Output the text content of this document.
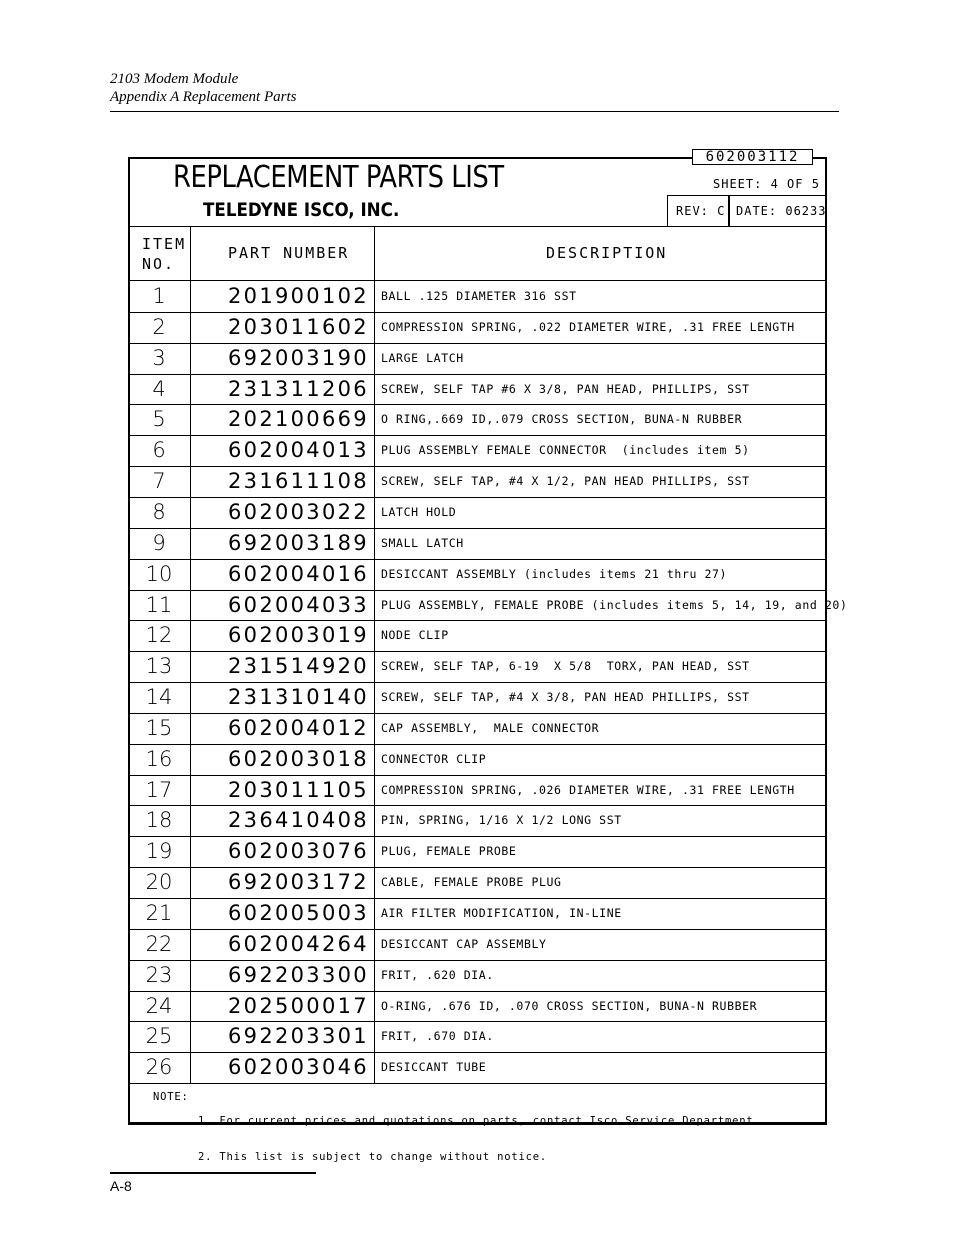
2103 Modem Module
Appendix A Replacement Parts
602003112
REPLACEMENT PARTS LIST
TELEDYNE ISCO, INC.
SHEET: 4 OF 5
REV: C DATE: 06233
ITEM
NO.
PART NUMBER	DESCRIPTION
1	201900102 BALL .125 DIAMETER 316 SST
2	203011602 COMPRESSION SPRING, .022 DIAMETER WIRE, .31 FREE LENGTH
3	692003190 LARGE LATCH
4	231311206 SCREW, SELF TAP #6 X 3/8, PAN HEAD, PHILLIPS, SST
5	202100669 O RING,.669 ID,.079 CROSS SECTION, BUNA-N RUBBER
6	602004013 PLUG ASSEMBLY FEMALE CONNECTOR  (includes item 5)
7	231611108 SCREW, SELF TAP, #4 X 1/2, PAN HEAD PHILLIPS, SST
8	602003022 LATCH HOLD
9	692003189 SMALL LATCH
10	602004016 DESICCANT ASSEMBLY (includes items 21 thru 27)
11	602004033 PLUG ASSEMBLY, FEMALE PROBE (includes items 5, 14, 19, and 20)
12	602003019 NODE CLIP
13	231514920 SCREW, SELF TAP, 6-19  X 5/8  TORX, PAN HEAD, SST
14	231310140 SCREW, SELF TAP, #4 X 3/8, PAN HEAD PHILLIPS, SST
15	602004012 CAP ASSEMBLY,  MALE CONNECTOR
16	602003018 CONNECTOR CLIP
17	203011105 COMPRESSION SPRING, .026 DIAMETER WIRE, .31 FREE LENGTH
18	236410408 PIN, SPRING, 1/16 X 1/2 LONG SST
19	602003076 PLUG, FEMALE PROBE
20	692003172 CABLE, FEMALE PROBE PLUG
21	602005003 AIR FILTER MODIFICATION, IN-LINE
22	602004264 DESICCANT CAP ASSEMBLY
23	692203300 FRIT, .620 DIA.
24	202500017 O-RING, .676 ID, .070 CROSS SECTION, BUNA-N RUBBER
25	692203301 FRIT, .670 DIA.
26	602003046 DESICCANT TUBE
NOTE:

1. For current prices and quotations on parts, contact Isco Service Department.

2. This list is subject to change without notice.

A-8
